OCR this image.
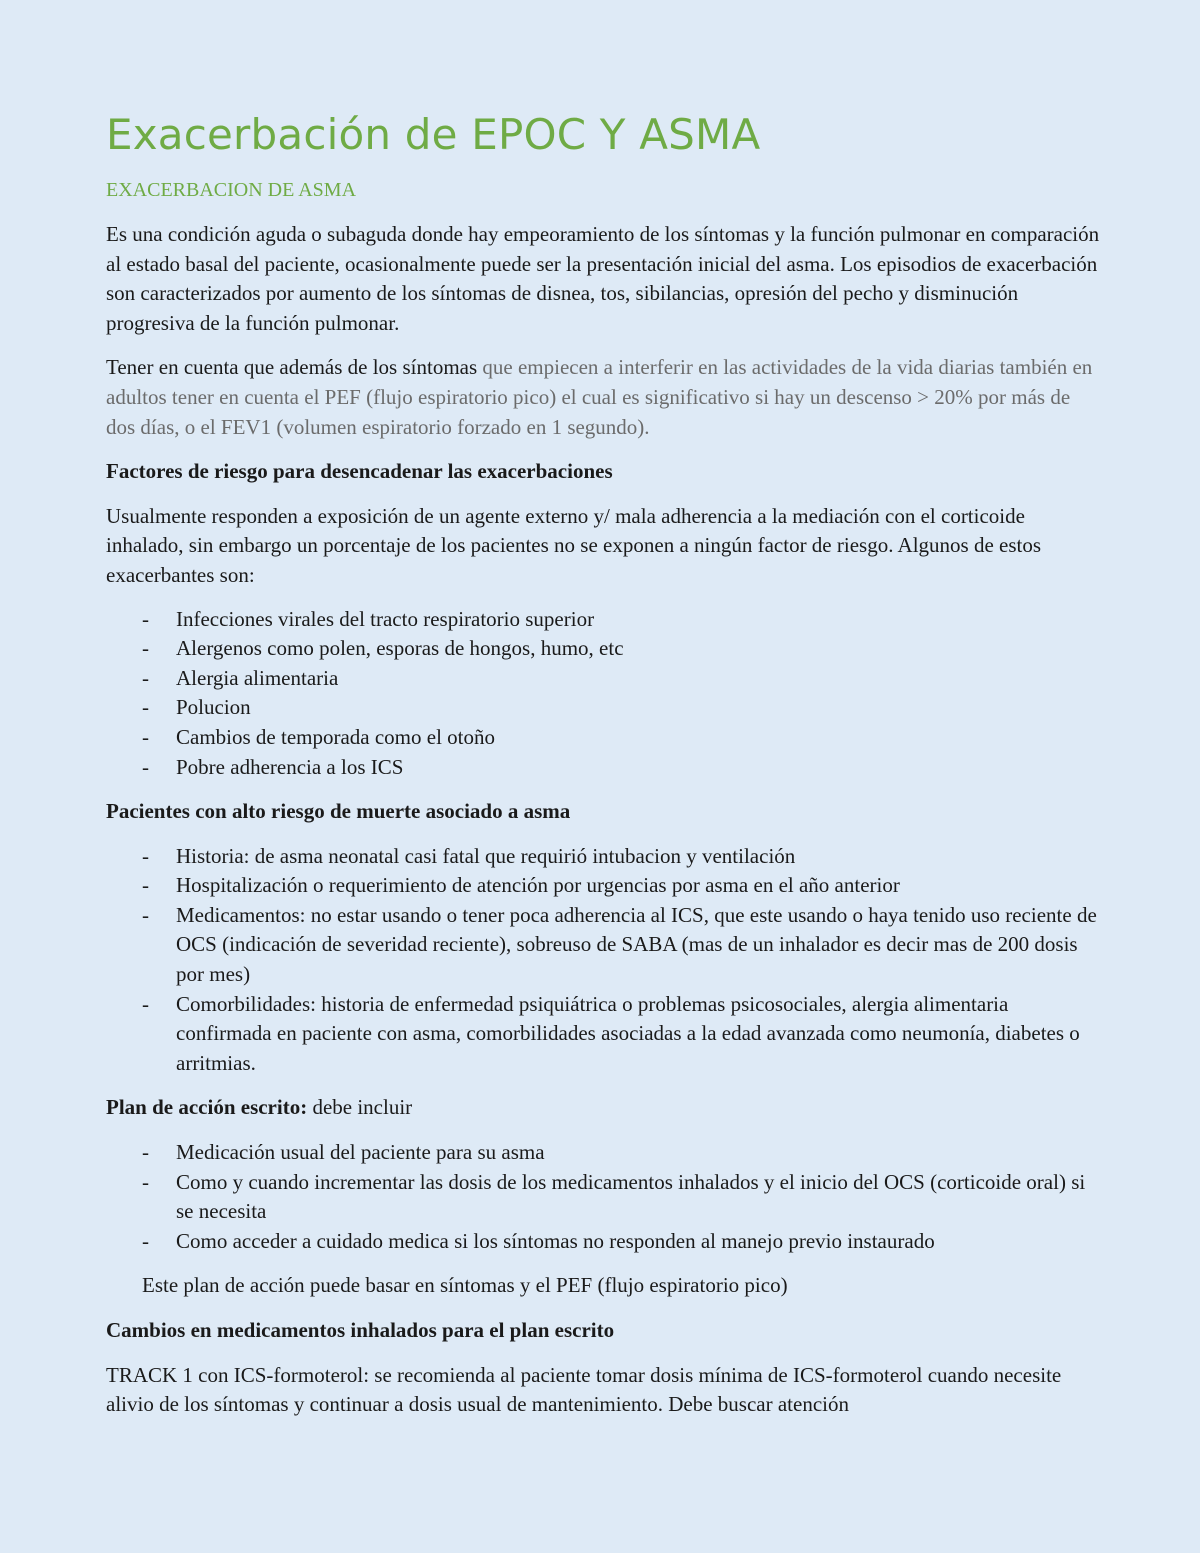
Exacerbación de EPOC Y ASMA
EXACERBACION DE ASMA

Es una condición aguda o subaguda donde hay empeoramiento de los síntomas y la función pulmonar en comparación al estado basal del paciente, ocasionalmente puede ser la presentación inicial del asma. Los episodios de exacerbación son caracterizados por aumento de los síntomas de disnea, tos, sibilancias, opresión del pecho y disminución progresiva de la función pulmonar.

Tener en cuenta que además de los síntomas que empiecen a interferir en las actividades de la vida diarias también en adultos tener en cuenta el PEF (flujo espiratorio pico) el cual es significativo si hay un descenso > 20% por más de dos días, o el FEV1 (volumen espiratorio forzado en 1 segundo).

Factores de riesgo para desencadenar las exacerbaciones

Usualmente responden a exposición de un agente externo y/ mala adherencia a la mediación con el corticoide inhalado, sin embargo un porcentaje de los pacientes no se exponen a ningún factor de riesgo. Algunos de estos exacerbantes son:

- Infecciones virales del tracto respiratorio superior
- Alergenos como polen, esporas de hongos, humo, etc
- Alergia alimentaria
- Polucion
- Cambios de temporada como el otoño
- Pobre adherencia a los ICS
Pacientes con alto riesgo de muerte asociado a asma
- Historia: de asma neonatal casi fatal que requirió intubacion y ventilación
- Hospitalización o requerimiento de atención por urgencias por asma en el año anterior
- Medicamentos: no estar usando o tener poca adherencia al ICS, que este usando o haya tenido uso reciente de OCS (indicación de severidad reciente), sobreuso de SABA (mas de un inhalador es decir mas de 200 dosis por mes)
- Comorbilidades: historia de enfermedad psiquiátrica o problemas psicosociales, alergia alimentaria confirmada en paciente con asma, comorbilidades asociadas a la edad avanzada como neumonía, diabetes o arritmias.

Plan de acción escrito: debe incluir

- Medicación usual del paciente para su asma
- Como y cuando incrementar las dosis de los medicamentos inhalados y el inicio del OCS (corticoide oral) si se necesita
- Como acceder a cuidado medica si los síntomas no responden al manejo previo instaurado

Este plan de acción puede basar en síntomas y el PEF (flujo espiratorio pico)

Cambios en medicamentos inhalados para el plan escrito

TRACK 1 con ICS-formoterol: se recomienda al paciente tomar dosis mínima de ICS-formoterol cuando necesite alivio de los síntomas y continuar a dosis usual de mantenimiento. Debe buscar atención
